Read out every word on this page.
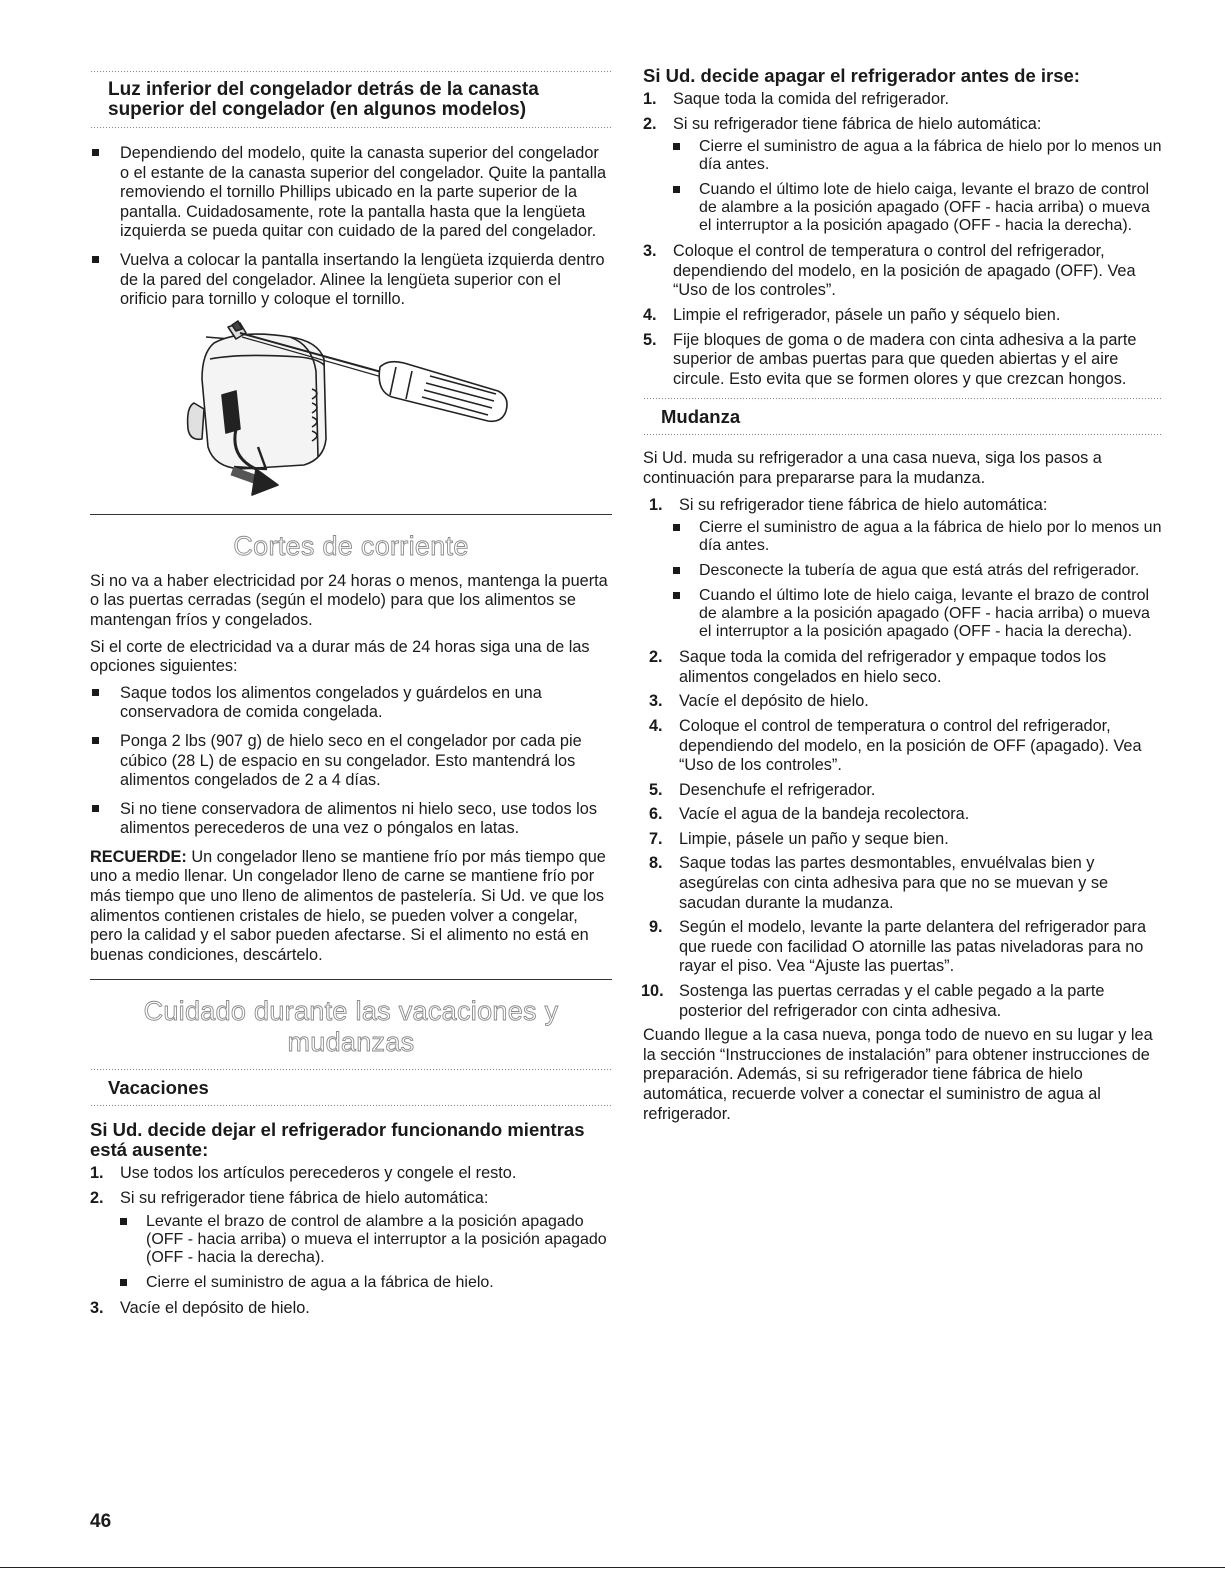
Luz inferior del congelador detrás de la canasta superior del congelador (en algunos modelos)
Dependiendo del modelo, quite la canasta superior del congelador o el estante de la canasta superior del congelador. Quite la pantalla removiendo el tornillo Phillips ubicado en la parte superior de la pantalla. Cuidadosamente, rote la pantalla hasta que la lengüeta izquierda se pueda quitar con cuidado de la pared del congelador.
Vuelva a colocar la pantalla insertando la lengüeta izquierda dentro de la pared del congelador. Alinee la lengüeta superior con el orificio para tornillo y coloque el tornillo.
Cortes de corriente

Si no va a haber electricidad por 24 horas o menos, mantenga la puerta o las puertas cerradas (según el modelo) para que los alimentos se mantengan fríos y congelados.

Si el corte de electricidad va a durar más de 24 horas siga una de las opciones siguientes:

Saque todos los alimentos congelados y guárdelos en una conservadora de comida congelada.
Ponga 2 lbs (907 g) de hielo seco en el congelador por cada pie cúbico (28 L) de espacio en su congelador. Esto mantendrá los alimentos congelados de 2 a 4 días.
Si no tiene conservadora de alimentos ni hielo seco, use todos los alimentos perecederos de una vez o póngalos en latas.

RECUERDE: Un congelador lleno se mantiene frío por más tiempo que uno a medio llenar. Un congelador lleno de carne se mantiene frío por más tiempo que uno lleno de alimentos de pastelería. Si Ud. ve que los alimentos contienen cristales de hielo, se pueden volver a congelar, pero la calidad y el sabor pueden afectarse. Si el alimento no está en buenas condiciones, descártelo.

Cuidado durante las vacaciones y
mudanzas
Vacaciones
Si Ud. decide dejar el refrigerador funcionando mientras está ausente:
1. Use todos los artículos perecederos y congele el resto.
2. Si su refrigerador tiene fábrica de hielo automática:
Levante el brazo de control de alambre a la posición apagado (OFF - hacia arriba) o mueva el interruptor a la posición apagado (OFF - hacia la derecha).
Cierre el suministro de agua a la fábrica de hielo.
3. Vacíe el depósito de hielo.
Si Ud. decide apagar el refrigerador antes de irse:
1. Saque toda la comida del refrigerador.
2. Si su refrigerador tiene fábrica de hielo automática:
Cierre el suministro de agua a la fábrica de hielo por lo menos un día antes.
Cuando el último lote de hielo caiga, levante el brazo de control de alambre a la posición apagado (OFF - hacia arriba) o mueva el interruptor a la posición apagado (OFF - hacia la derecha).
3. Coloque el control de temperatura o control del refrigerador, dependiendo del modelo, en la posición de apagado (OFF). Vea “Uso de los controles”.
4. Limpie el refrigerador, pásele un paño y séquelo bien.
5. Fije bloques de goma o de madera con cinta adhesiva a la parte superior de ambas puertas para que queden abiertas y el aire circule. Esto evita que se formen olores y que crezcan hongos.
Mudanza

Si Ud. muda su refrigerador a una casa nueva, siga los pasos a continuación para prepararse para la mudanza.

1. Si su refrigerador tiene fábrica de hielo automática:
Cierre el suministro de agua a la fábrica de hielo por lo menos un día antes.
Desconecte la tubería de agua que está atrás del refrigerador.
Cuando el último lote de hielo caiga, levante el brazo de control de alambre a la posición apagado (OFF - hacia arriba) o mueva el interruptor a la posición apagado (OFF - hacia la derecha).
2. Saque toda la comida del refrigerador y empaque todos los alimentos congelados en hielo seco.
3. Vacíe el depósito de hielo.
4. Coloque el control de temperatura o control del refrigerador, dependiendo del modelo, en la posición de OFF (apagado). Vea “Uso de los controles”.
5. Desenchufe el refrigerador.
6. Vacíe el agua de la bandeja recolectora.
7. Limpie, pásele un paño y seque bien.
8. Saque todas las partes desmontables, envuélvalas bien y asegúrelas con cinta adhesiva para que no se muevan y se sacudan durante la mudanza.
9. Según el modelo, levante la parte delantera del refrigerador para que ruede con facilidad O atornille las patas niveladoras para no rayar el piso. Vea “Ajuste las puertas”.
10. Sostenga las puertas cerradas y el cable pegado a la parte posterior del refrigerador con cinta adhesiva.

Cuando llegue a la casa nueva, ponga todo de nuevo en su lugar y lea la sección “Instrucciones de instalación” para obtener instrucciones de preparación. Además, si su refrigerador tiene fábrica de hielo automática, recuerde volver a conectar el suministro de agua al refrigerador.

46
